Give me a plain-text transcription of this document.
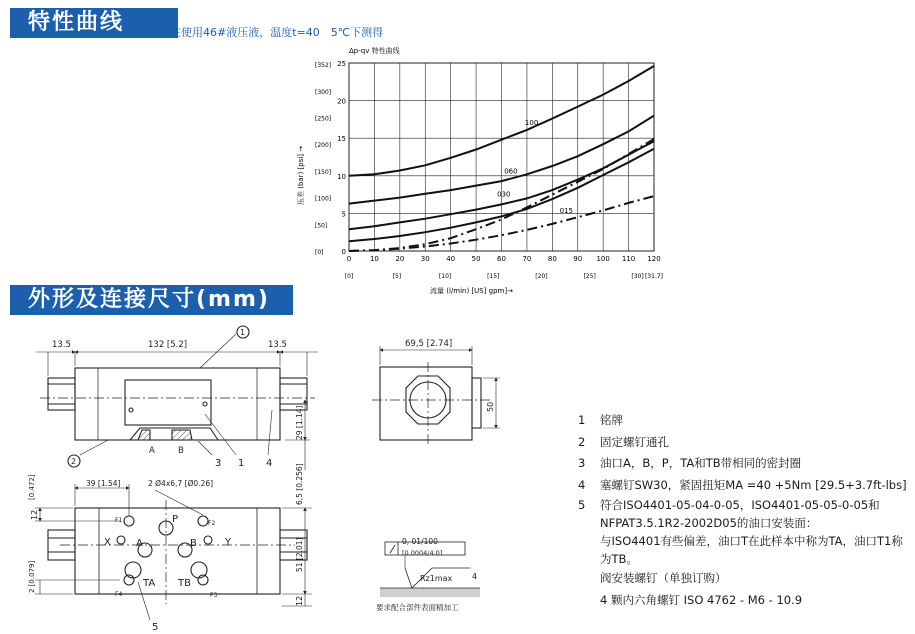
特性曲线	在使用46#液压液，温度t=40　5℃下测得
Δp-qv 特性曲线
压差 (bar) [psi] →
流量 (l/min) [US] gpm]→
0	10 20 30 40 50 60 70 80 90 100 110 120
0
5
10
15
20
25
[0]	[5]	[10]	[15]	[20]	[25]	[30] [31.7]
[0]
[50]
[100]
[150]
[200]
[250]
[300]
[352]
100
060
030
015
外形及连接尺寸(mm)
13.5	132 [5.2]	13.5
29 [1.14]
6,5 [0.256]
A	B
1
2	3 1 4
5
69,5 [2.74]
50
39 [1.54]	2 Ø4x6,7 [Ø0.26]
[0.472]
12
2 [0.079]
51 [2.01]
12
X
P
Y
A	B
TA TB
F1	F2
F3
F4
0, 01/100
[0.0004/4.0]
Rz1max 4
要求配合部件表面精加工
1	铭牌
2	固定螺钉通孔
3	油口A，B，P，TA和TB带相同的密封圈
4	塞螺钉SW30，紧固扭矩MA =40 +5Nm [29.5+3.7ft-lbs]
5	符合ISO4401-05-04-0-05，ISO4401-05-05-0-05和NFPAT3.5.1R2-2002D05的油口安装面：
与ISO4401有些偏差，油口T在此样本中称为TA，油口T1称为TB。
阀安装螺钉（单独订购）
4 颗内六角螺钉 ISO 4762 - M6 - 10.9
